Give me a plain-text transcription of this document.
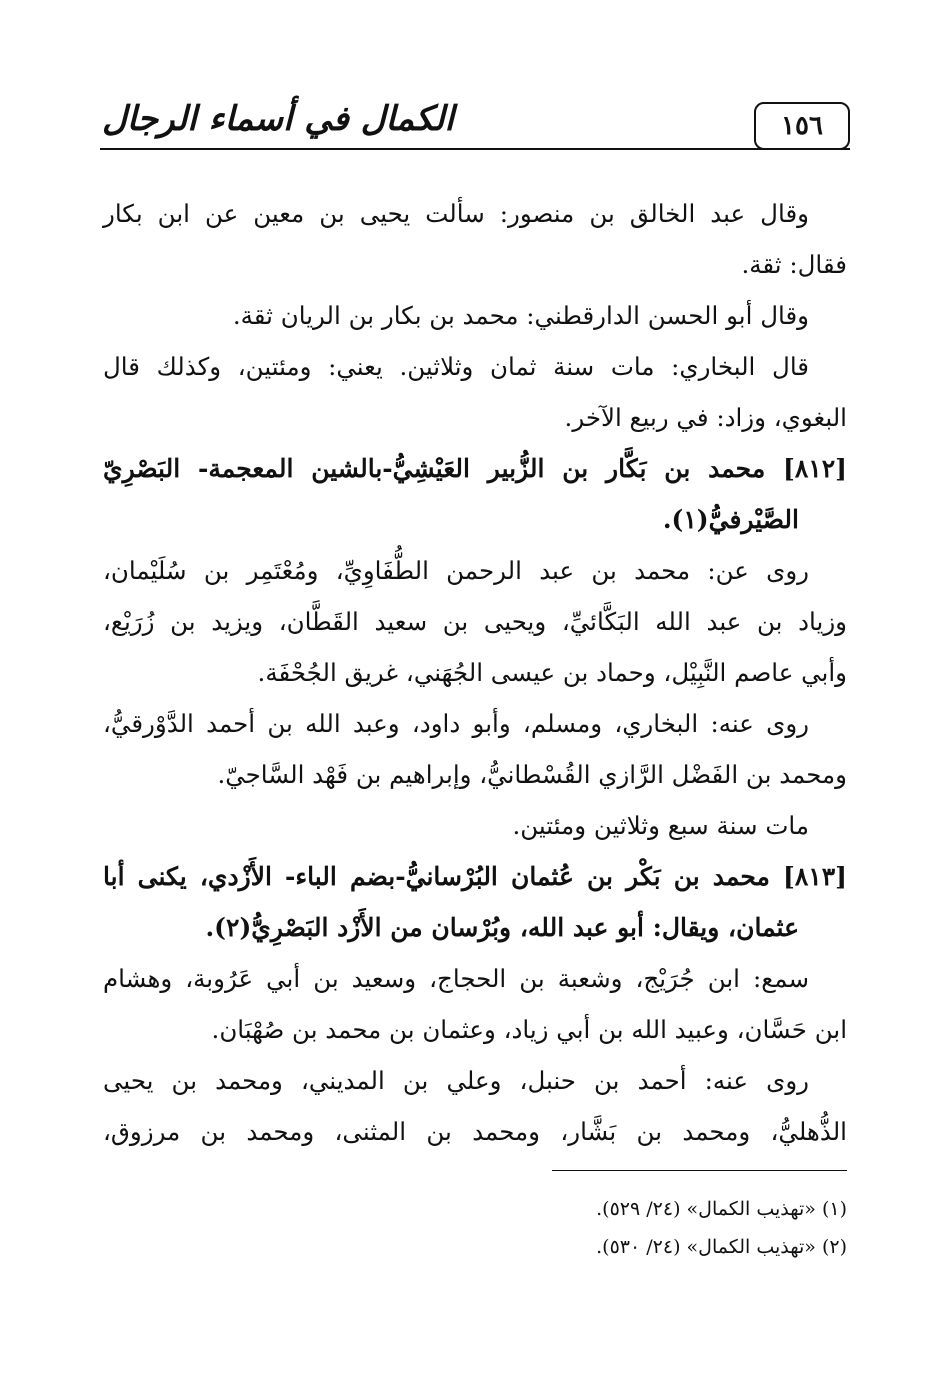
الكمال في أسماء الرجال	١٥٦
وقال عبد الخالق بن منصور: سألت يحيى بن معين عن ابن بكار
فقال: ثقة.
وقال أبو الحسن الدارقطني: محمد بن بكار بن الريان ثقة.
قال البخاري: مات سنة ثمان وثلاثين. يعني: ومئتين، وكذلك قال
البغوي، وزاد: في ربيع الآخر.
[٨١٢] محمد بن بَكَّار بن الزُّبير العَيْشِيُّ-بالشين المعجمة- البَصْرِيّ
الصَّيْرفيُّ(١).
روى عن: محمد بن عبد الرحمن الطُّفَاوِيِّ، ومُعْتَمِر بن سُلَيْمان،
وزياد بن عبد الله البَكَّائيِّ، ويحيى بن سعيد القَطَّان، ويزيد بن زُرَيْع،
وأبي عاصم النَّبِيْل، وحماد بن عيسى الجُهَني، غريق الجُحْفَة.
روى عنه: البخاري، ومسلم، وأبو داود، وعبد الله بن أحمد الدَّوْرقيُّ،
ومحمد بن الفَضْل الرَّازي القُسْطانيُّ، وإبراهيم بن فَهْد السَّاجيّ.
مات سنة سبع وثلاثين ومئتين.
[٨١٣] محمد بن بَكْر بن عُثمان البُرْسانيُّ-بضم الباء- الأَزْدي، يكنى أبا
عثمان، ويقال: أبو عبد الله، وبُرْسان من الأَزْد البَصْرِيُّ(٢).
سمع: ابن جُرَيْج، وشعبة بن الحجاج، وسعيد بن أبي عَرُوبة، وهشام
ابن حَسَّان، وعبيد الله بن أبي زياد، وعثمان بن محمد بن صُهْبَان.
روى عنه: أحمد بن حنبل، وعلي بن المديني، ومحمد بن يحيى
الذُّهليُّ، ومحمد بن بَشَّار، ومحمد بن المثنى، ومحمد بن مرزوق،
(١) «تهذيب الكمال» (٢٤/ ٥٢٩).
(٢) «تهذيب الكمال» (٢٤/ ٥٣٠).
